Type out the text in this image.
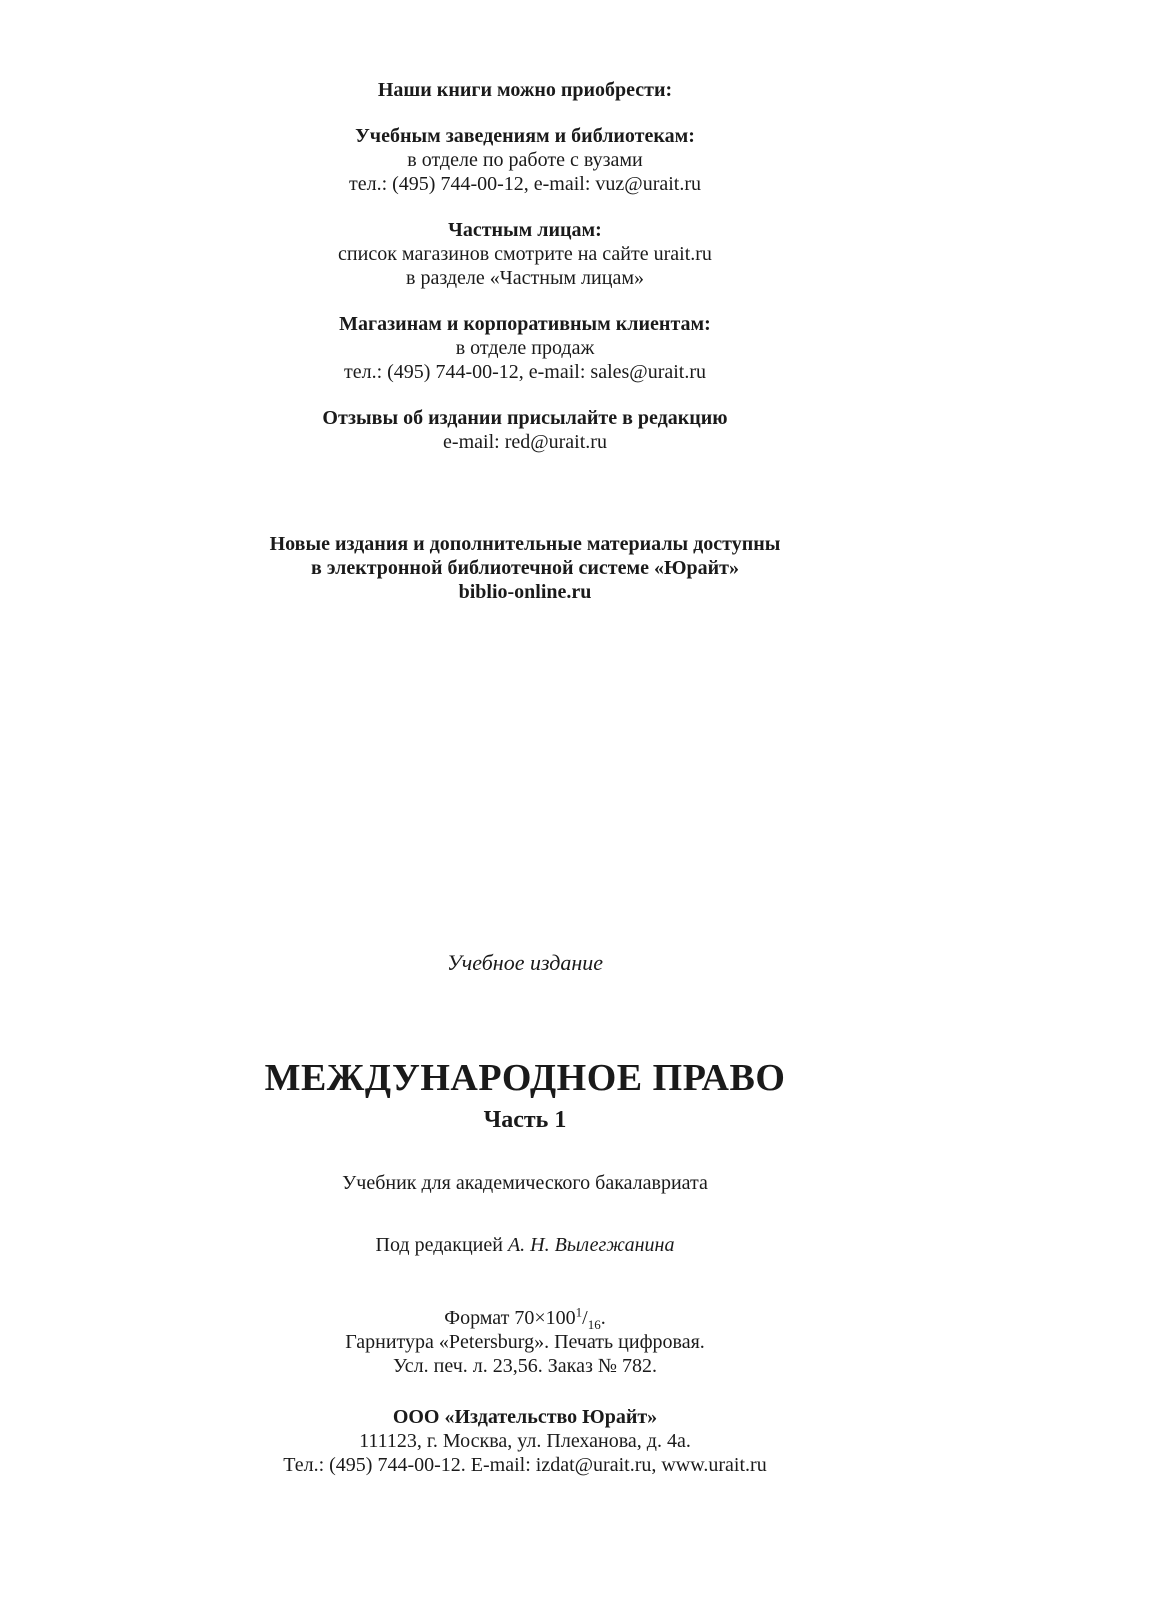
Наши книги можно приобрести:
Учебным заведениям и библиотекам:
в отделе по работе с вузами
тел.: (495) 744-00-12, e-mail: vuz@urait.ru
Частным лицам:
список магазинов смотрите на сайте urait.ru
в разделе «Частным лицам»
Магазинам и корпоративным клиентам:
в отделе продаж
тел.: (495) 744-00-12, e-mail: sales@urait.ru
Отзывы об издании присылайте в редакцию
e-mail: red@urait.ru
Новые издания и дополнительные материалы доступны
в электронной библиотечной системе «Юрайт»
biblio-online.ru
Учебное издание
МЕЖДУНАРОДНОЕ ПРАВО
Часть 1
Учебник для академического бакалавриата
Под редакцией А. Н. Вылегжанина
Формат $70\times 100^1/_{16}$.
Гарнитура «Petersburg». Печать цифровая.
Усл. печ. л. 23,56. Заказ № 782.
ООО «Издательство Юрайт»
111123, г. Москва, ул. Плеханова, д. 4а.
Тел.: (495) 744-00-12. E-mail: izdat@urait.ru, www.urait.ru
